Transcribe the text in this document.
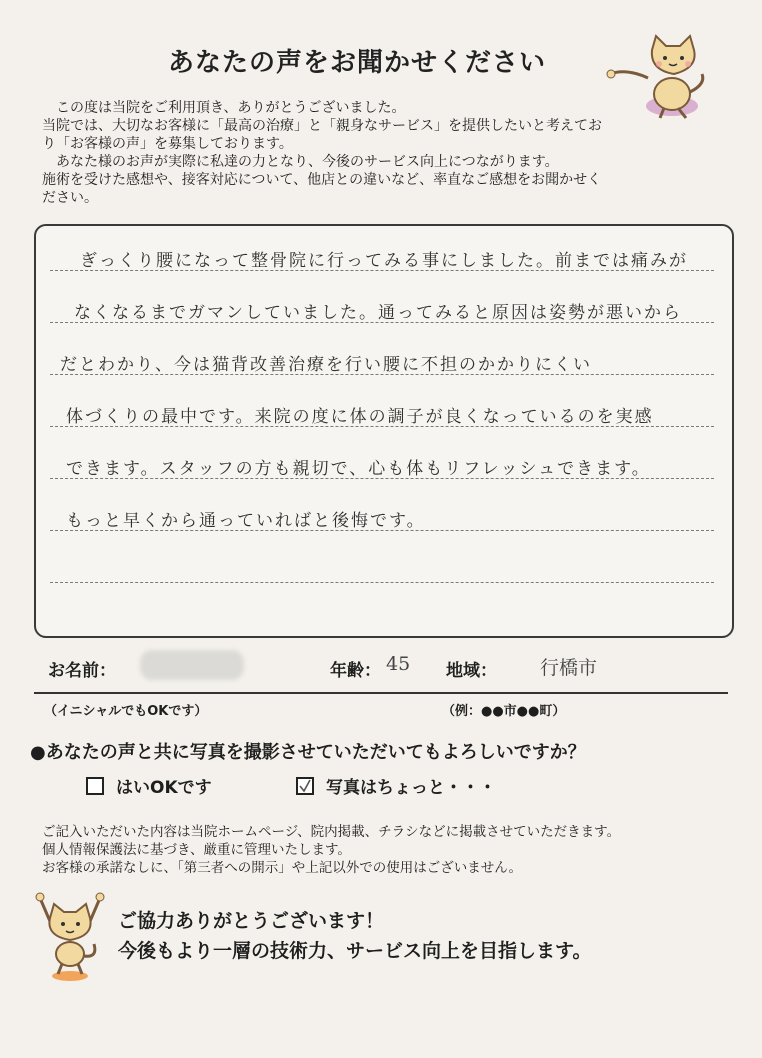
あなたの声をお聞かせください

　この度は当院をご利用頂き、ありがとうございました。

当院では、大切なお客様に「最高の治療」と「親身なサービス」を提供したいと考えてお

り「お客様の声」を募集しております。

　あなた様のお声が実際に私達の力となり、今後のサービス向上につながります。

施術を受けた感想や、接客対応について、他店との違いなど、率直なご感想をお聞かせく

ださい。

ぎっくり腰になって整骨院に行ってみる事にしました。前までは痛みが
なくなるまでガマンしていました。通ってみると原因は姿勢が悪いから
だとわかり、今は猫背改善治療を行い腰に不担のかかりにくい
体づくりの最中です。来院の度に体の調子が良くなっているのを実感
できます。スタッフの方も親切で、心も体もリフレッシュできます。
もっと早くから通っていればと後悔です。
お名前：	年齢： 45 地域： 行橋市
（イニシャルでもOKです）	（例：●●市●●町）
●あなたの声と共に写真を撮影させていただいてもよろしいですか？
はいOKです	写真はちょっと・・・

ご記入いただいた内容は当院ホームページ、院内掲載、チラシなどに掲載させていただきます。

個人情報保護法に基づき、厳重に管理いたします。

お客様の承諾なしに、「第三者への開示」や上記以外での使用はございません。

ご協力ありがとうございます！

今後もより一層の技術力、サービス向上を目指します。
